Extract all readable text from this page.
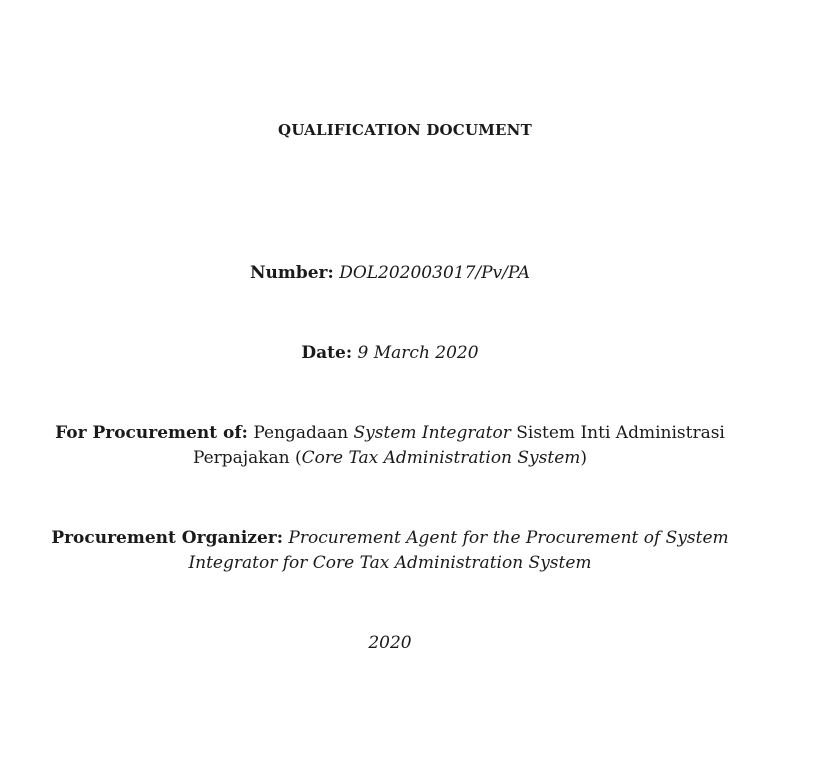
QUALIFICATION DOCUMENT
Number: DOL202003017/Pv/PA
Date: 9 March 2020
For Procurement of: Pengadaan System Integrator Sistem Inti Administrasi
Perpajakan (Core Tax Administration System)
Procurement Organizer: Procurement Agent for the Procurement of System
Integrator for Core Tax Administration System
2020
